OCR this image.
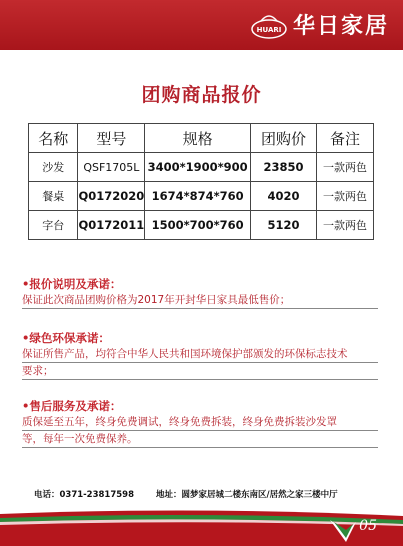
HUARI 华日家居
团购商品报价
名称	型号	规格	团购价	备注
沙发	QSF1705L	3400*1900*900	23850	一款两色
餐桌	Q0172020	1674*874*760	4020	一款两色
字台	Q0172011	1500*700*760	5120	一款两色
•报价说明及承诺：
保证此次商品团购价格为2017年开封华日家具最低售价；
•绿色环保承诺：
保证所售产品，均符合中华人民共和国环境保护部颁发的环保标志技术
要求；
•售后服务及承诺：
质保延至五年，终身免费调试，终身免费拆装，终身免费拆装沙发罩
等，每年一次免费保养。
电话：0371-23817598	地址：圆梦家居城二楼东南区/居然之家三楼中厅
05
